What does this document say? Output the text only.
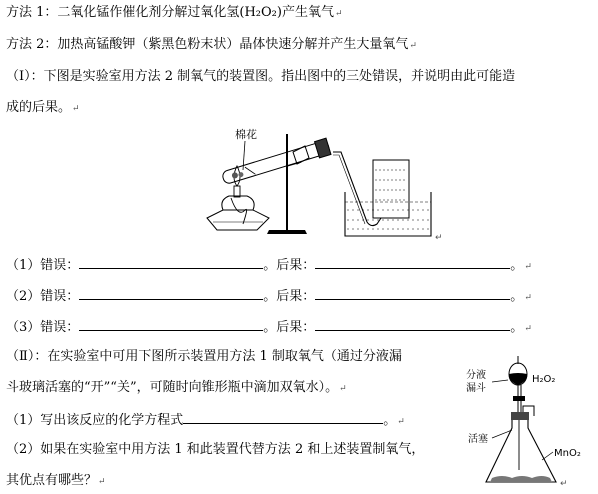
方法 1：二氧化锰作催化剂分解过氧化氢(H₂O₂)产生氧气↵
方法 2：加热高锰酸钾（紫黑色粉末状）晶体快速分解并产生大量氧气↵
（Ⅰ）：下图是实验室用方法 2 制氧气的装置图。指出图中的三处错误，并说明由此可能造
成的后果。↵
棉花
↵
（1）错误：	。后果：	。↵
（2）错误：	。后果：	。↵
（3）错误：	。后果：	。↵
（Ⅱ）：在实验室中可用下图所示装置用方法 1 制取氧气（通过分液漏
斗玻璃活塞的“开”“关”，可随时向锥形瓶中滴加双氧水）。↵
（1）写出该反应的化学方程式	。↵
（2）如果在实验室中用方法 1 和此装置代替方法 2 和上述装置制氧气，
其优点有哪些？↵
分液
漏斗
H₂O₂
活塞
MnO₂
↵
